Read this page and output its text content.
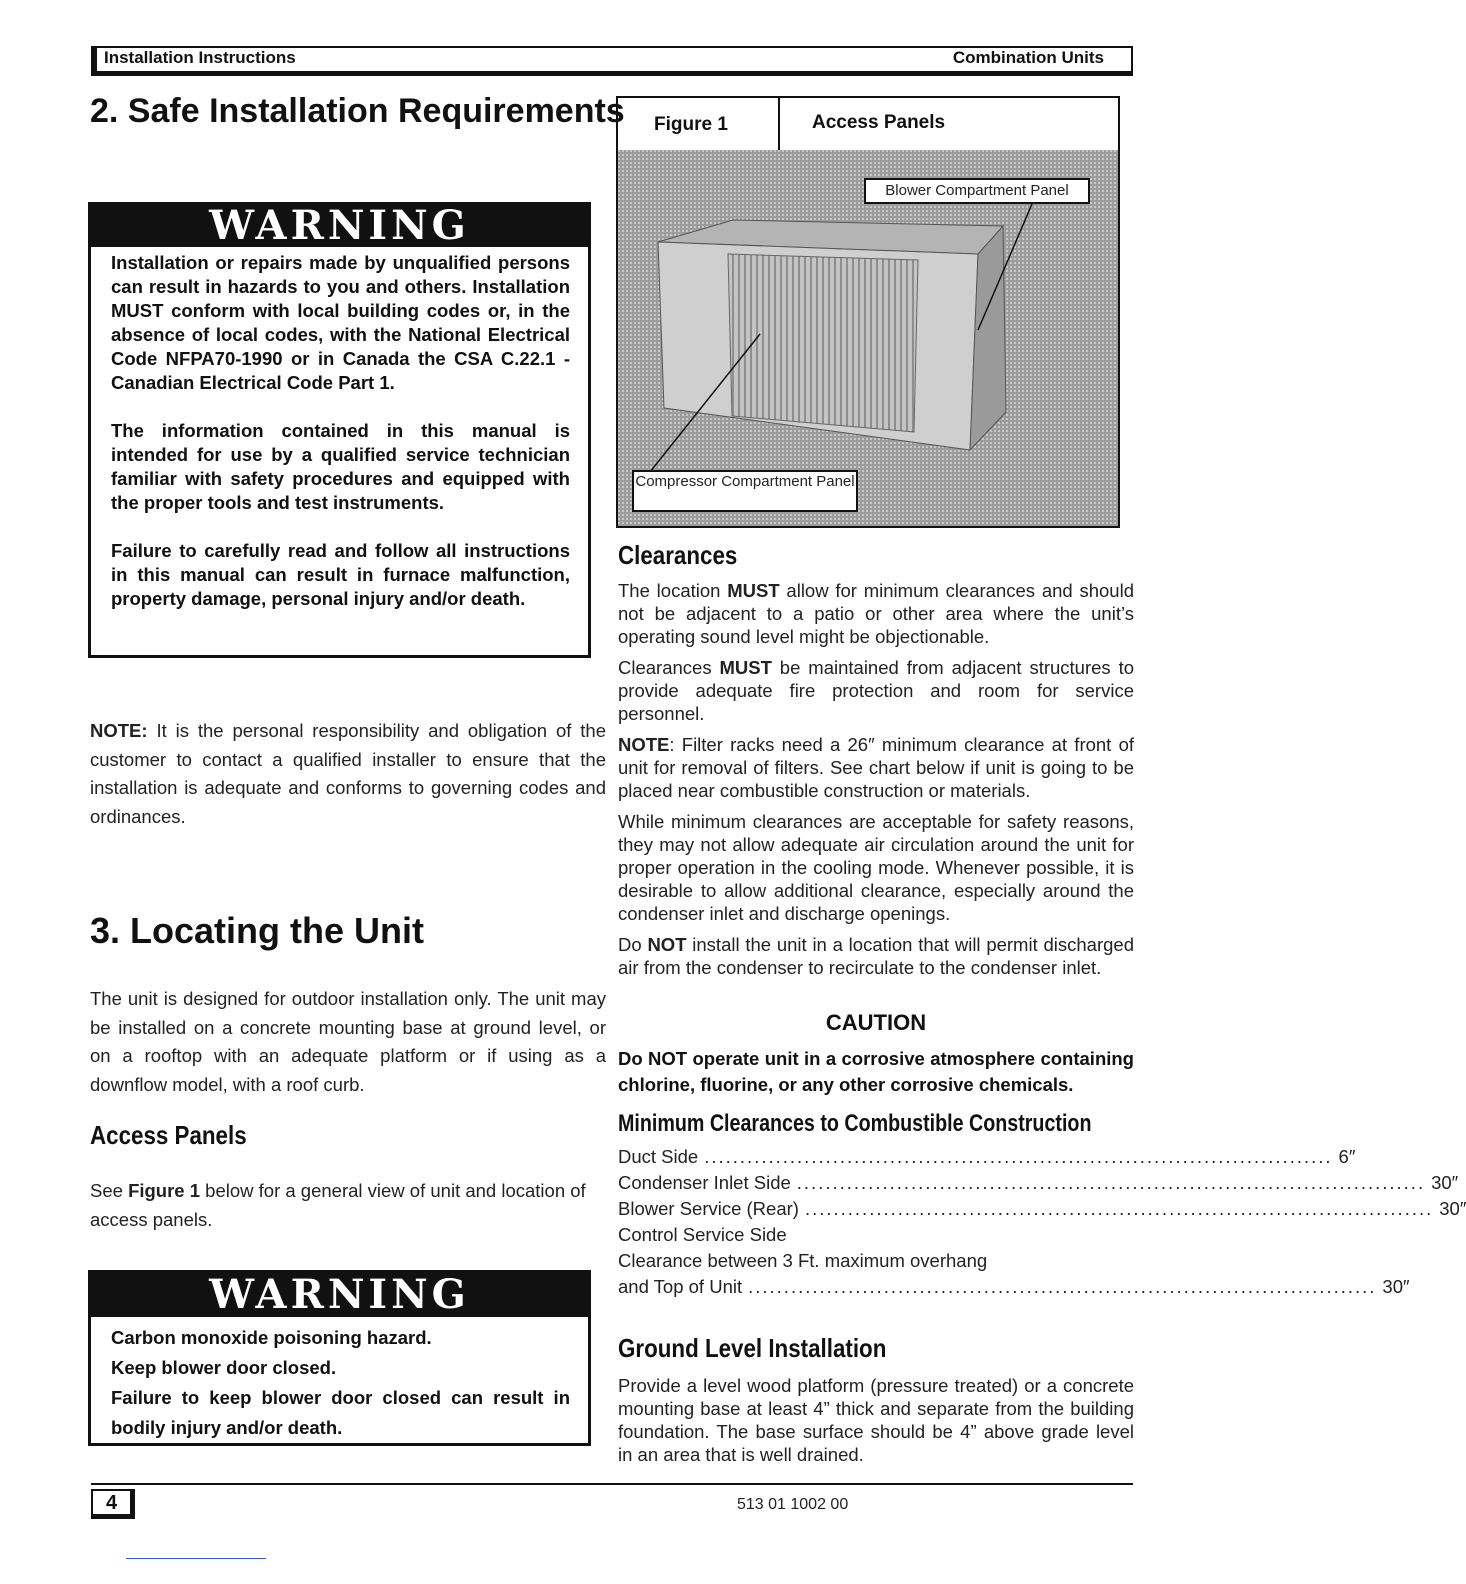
Installation Instructions	Combination Units
2. Safe Installation Requirements
WARNING

Installation or repairs made by unqualified persons can result in hazards to you and others. Installation MUST conform with local building codes or, in the absence of local codes, with the National Electrical Code NFPA70-1990 or in Canada the CSA C.22.1 - Canadian Electrical Code Part 1.

The information contained in this manual is intended for use by a qualified service technician familiar with safety procedures and equipped with the proper tools and test instruments.

Failure to carefully read and follow all instructions in this manual can result in furnace malfunction, property damage, personal injury and/or death.

NOTE: It is the personal responsibility and obligation of the customer to contact a qualified installer to ensure that the installation is adequate and conforms to governing codes and ordinances.
3. Locating the Unit
The unit is designed for outdoor installation only. The unit may be installed on a concrete mounting base at ground level, or on a rooftop with an adequate platform or if using as a downflow model, with a roof curb.
Access Panels
See Figure 1 below for a general view of unit and location of access panels.
WARNING
Carbon monoxide poisoning hazard.
Keep blower door closed.
Failure to keep blower door closed can result in bodily injury and/or death.
Figure 1	Access Panels
Blower Compartment Panel
Compressor Compartment Panel
Clearances
The location MUST allow for minimum clearances and should not be adjacent to a patio or other area where the unit’s operating sound level might be objectionable.
Clearances MUST be maintained from adjacent structures to provide adequate fire protection and room for service personnel.
NOTE: Filter racks need a 26″ minimum clearance at front of unit for removal of filters. See chart below if unit is going to be placed near combustible construction or materials.
While minimum clearances are acceptable for safety reasons, they may not allow adequate air circulation around the unit for proper operation in the cooling mode. Whenever possible, it is desirable to allow additional clearance, especially around the condenser inlet and discharge openings.
Do NOT install the unit in a location that will permit discharged air from the condenser to recirculate to the condenser inlet.
CAUTION
Do NOT operate unit in a corrosive atmosphere containing chlorine, fluorine, or any other corrosive chemicals.
Minimum Clearances to Combustible Construction
Duct Side ........................................................................................ 6″
Condenser Inlet Side ........................................................................................ 30″
Blower Service (Rear) ........................................................................................ 30″
Control Service Side
Clearance between 3 Ft. maximum overhang
and Top of Unit ........................................................................................ 30″
Ground Level Installation
Provide a level wood platform (pressure treated) or a concrete mounting base at least 4” thick and separate from the building foundation. The base surface should be 4” above grade level in an area that is well drained.
4	513 01 1002 00
